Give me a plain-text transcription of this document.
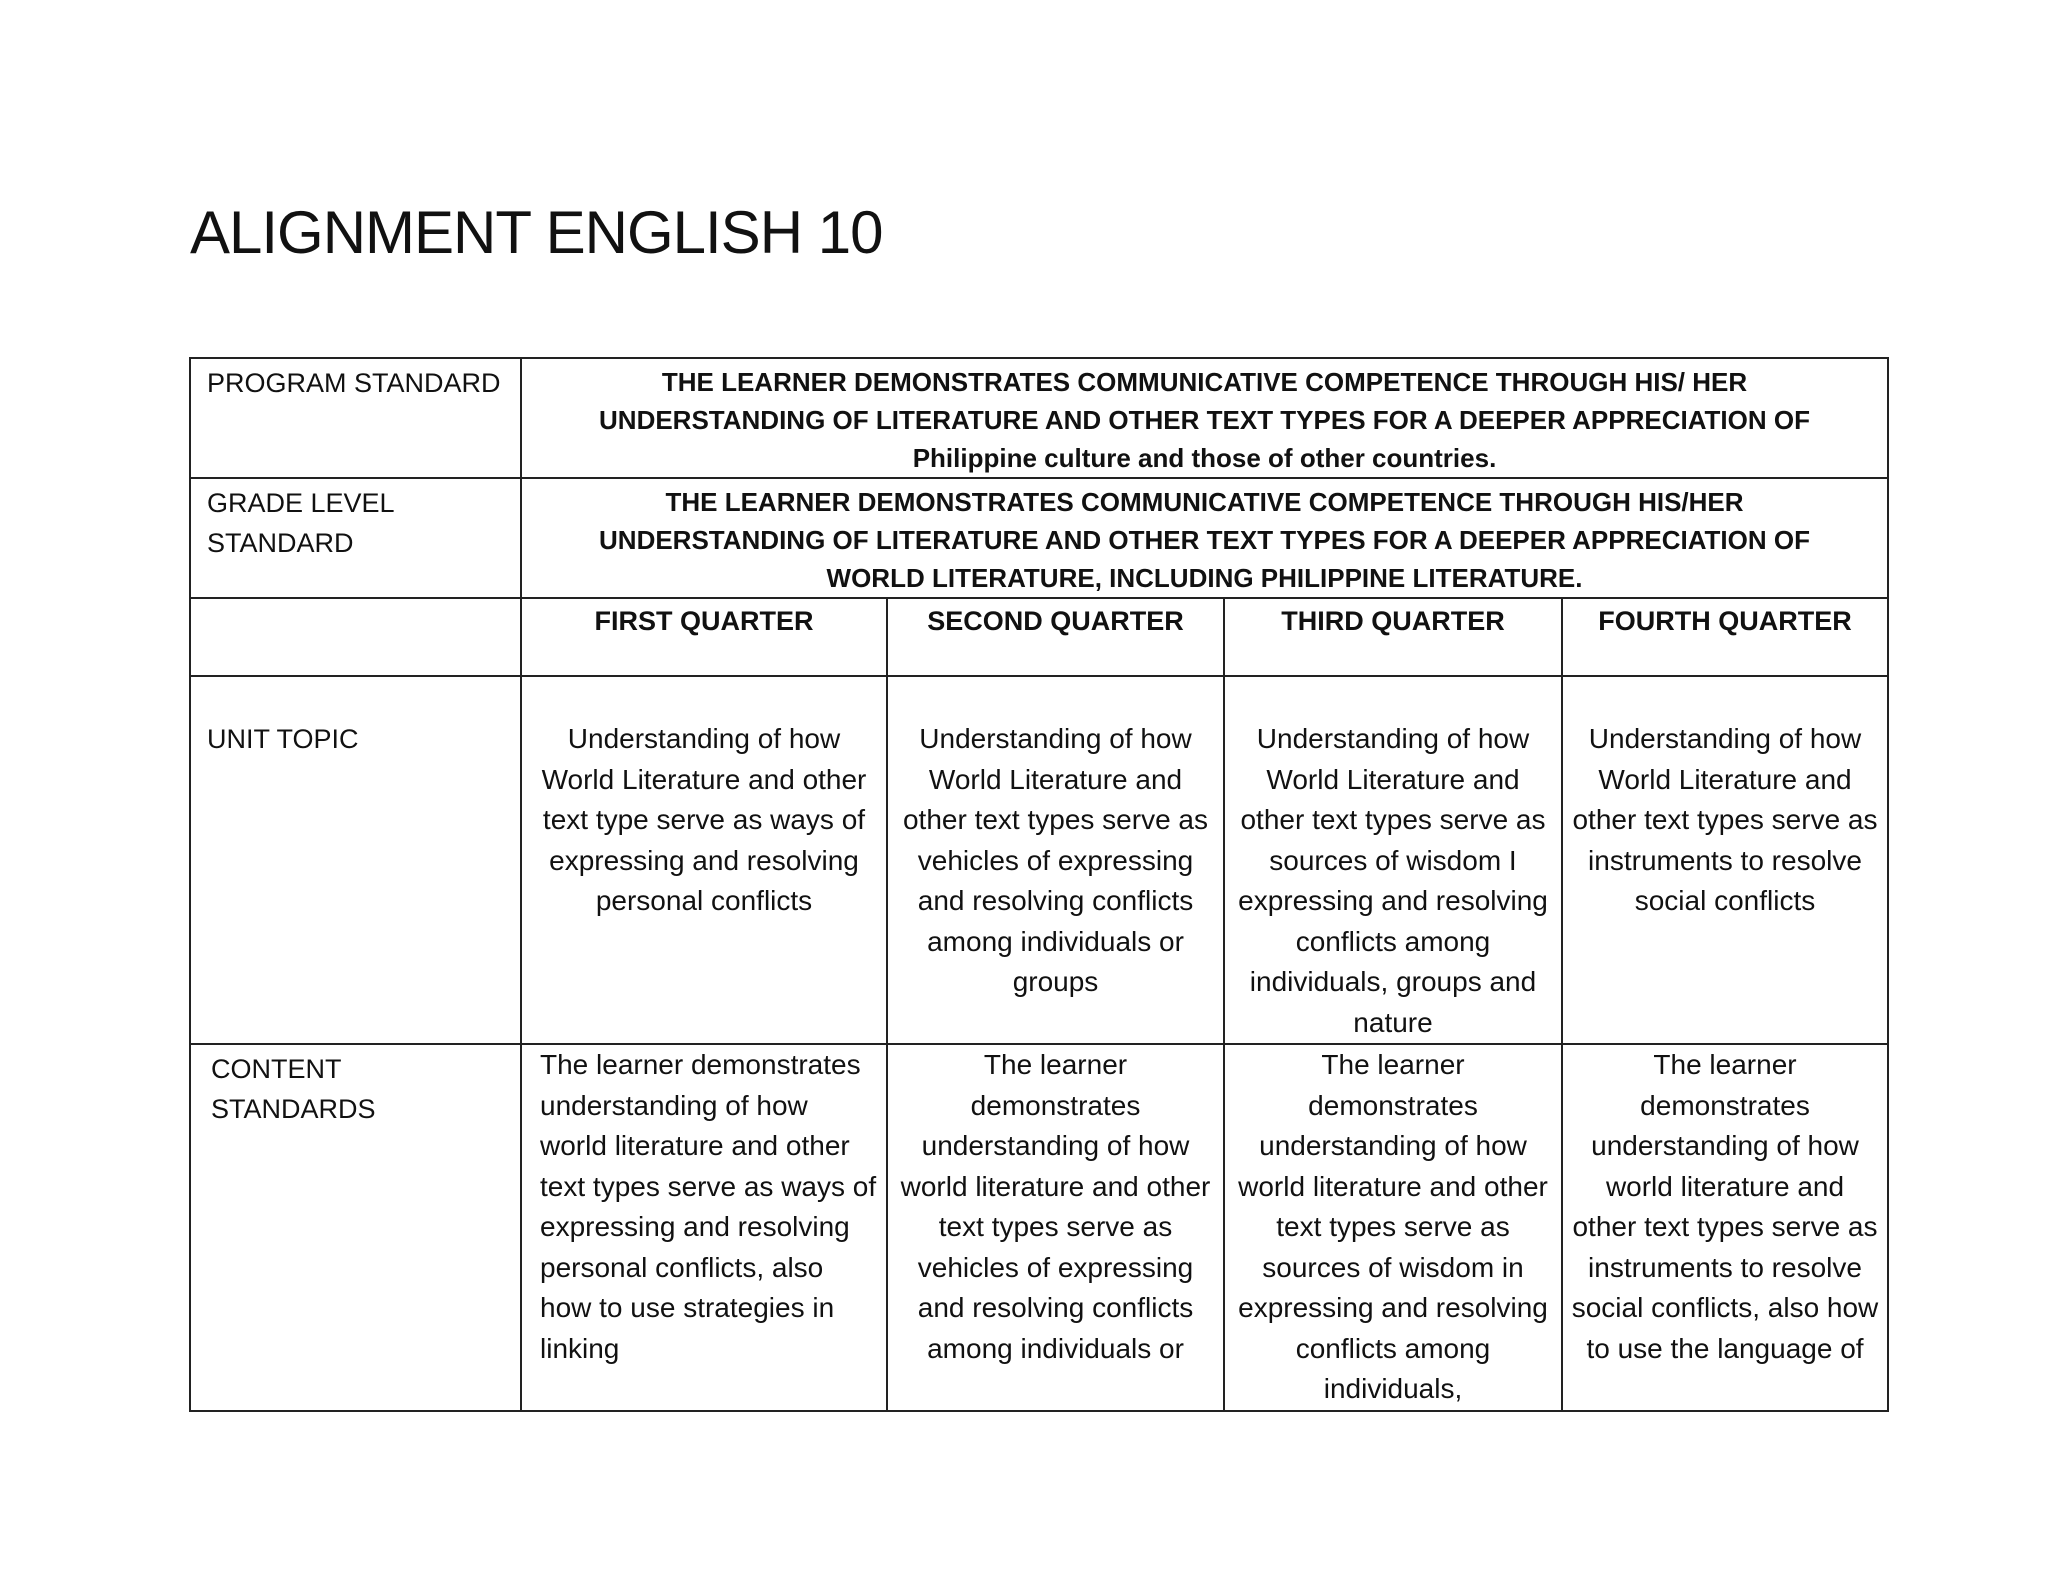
ALIGNMENT ENGLISH 10
PROGRAM STANDARD	THE LEARNER DEMONSTRATES COMMUNICATIVE COMPETENCE THROUGH HIS/ HER UNDERSTANDING OF LITERATURE AND OTHER TEXT TYPES FOR A DEEPER APPRECIATION OF Philippine culture and those of other countries.			
GRADE LEVEL STANDARD	THE LEARNER DEMONSTRATES COMMUNICATIVE COMPETENCE THROUGH HIS/HER UNDERSTANDING OF LITERATURE AND OTHER TEXT TYPES FOR A DEEPER APPRECIATION OF WORLD LITERATURE, INCLUDING PHILIPPINE LITERATURE.			
	FIRST QUARTER	SECOND QUARTER	THIRD QUARTER	FOURTH QUARTER
UNIT TOPIC	Understanding of how World Literature and other text type serve as ways of expressing and resolving personal conflicts	Understanding of how World Literature and other text types serve as vehicles of expressing and resolving conflicts among individuals or groups	Understanding of how World Literature and other text types serve as sources of wisdom I expressing and resolving conflicts among individuals, groups and nature	Understanding of how World Literature and other text types serve as instruments to resolve social conflicts
CONTENT STANDARDS	The learner demonstrates understanding of how world literature and other text types serve as ways of expressing and resolving personal conflicts, also how to use strategies in linking	The learner demonstrates understanding of how world literature and other text types serve as vehicles of expressing and resolving conflicts among individuals or	The learner demonstrates understanding of how world literature and other text types serve as sources of wisdom in expressing and resolving conflicts among individuals,	The learner demonstrates understanding of how world literature and other text types serve as instruments to resolve social conflicts, also how to use the language of
